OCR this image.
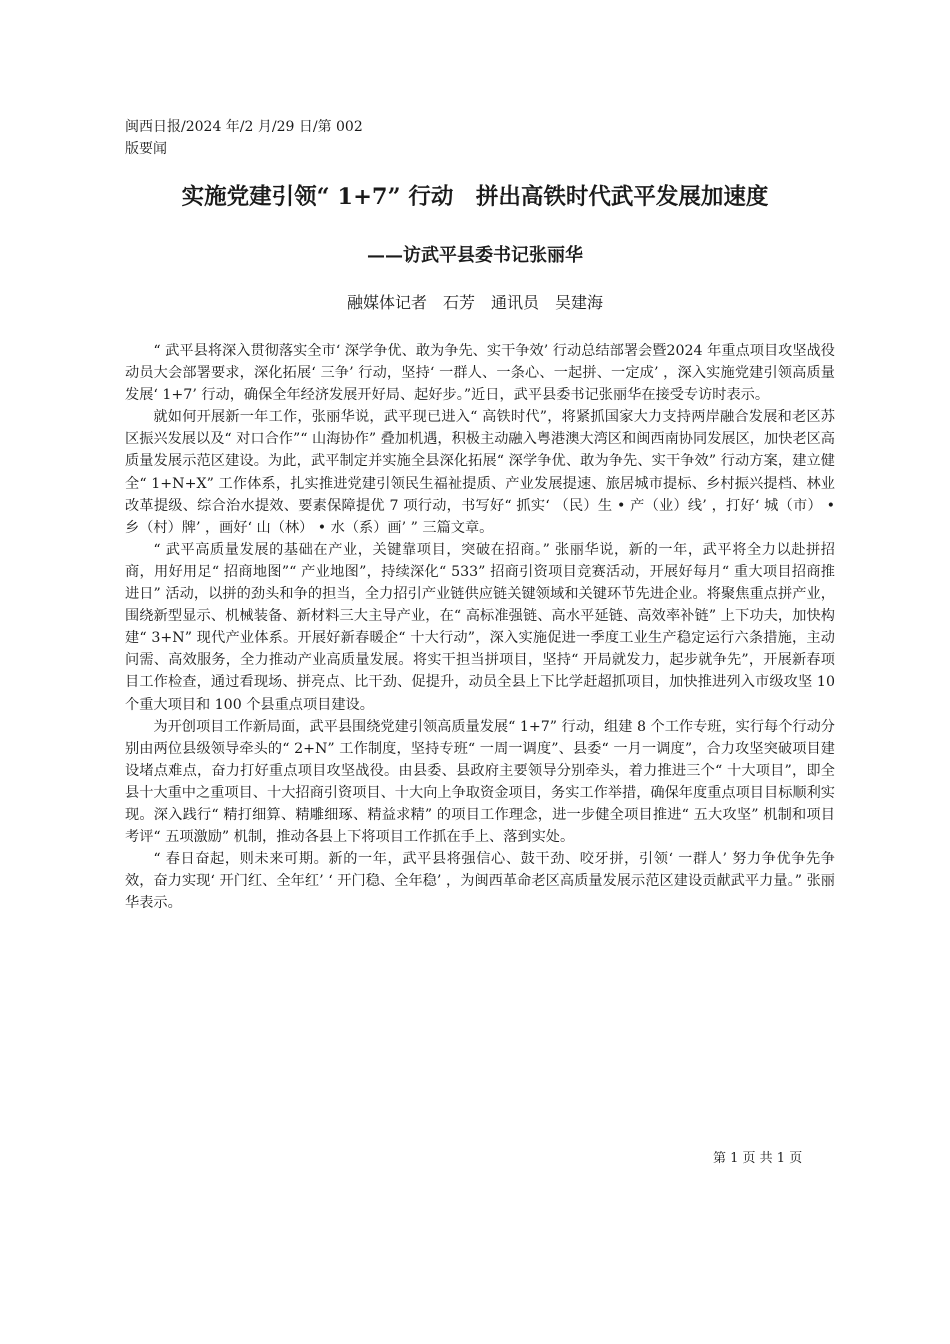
闽西日报/2024 年/2 月/29 日/第 002
版要闻
实施党建引领“ 1+7” 行动　拼出高铁时代武平发展加速度
——访武平县委书记张丽华
融媒体记者 石芳 通讯员 吴建海

“ 武平县将深入贯彻落实全市‘ 深学争优、敢为争先、实干争效’ 行动总结部署会暨2024 年重点项目攻坚战役动员大会部署要求，深化拓展‘ 三争’ 行动，坚持‘ 一群人、一条心、一起拼、一定成’ ，深入实施党建引领高质量发展‘ 1+7’ 行动，确保全年经济发展开好局、起好步。”近日，武平县委书记张丽华在接受专访时表示。

就如何开展新一年工作，张丽华说，武平现已进入“ 高铁时代”，将紧抓国家大力支持两岸融合发展和老区苏区振兴发展以及“ 对口合作”“ 山海协作” 叠加机遇，积极主动融入粤港澳大湾区和闽西南协同发展区，加快老区高质量发展示范区建设。为此，武平制定并实施全县深化拓展“ 深学争优、敢为争先、实干争效” 行动方案，建立健全“ 1+N+X” 工作体系，扎实推进党建引领民生福祉提质、产业发展提速、旅居城市提标、乡村振兴提档、林业改革提级、综合治水提效、要素保障提优 7 项行动，书写好“ 抓实‘ （民）生 • 产（业）线’ ，打好‘ 城（市） • 乡（村）牌’ ，画好‘ 山（林） • 水（系）画’ ” 三篇文章。

“ 武平高质量发展的基础在产业，关键靠项目，突破在招商。” 张丽华说，新的一年，武平将全力以赴拼招商，用好用足“ 招商地图”“ 产业地图”，持续深化“ 533” 招商引资项目竞赛活动，开展好每月“ 重大项目招商推进日” 活动，以拼的劲头和争的担当，全力招引产业链供应链关键领域和关键环节先进企业。将聚焦重点拼产业，围绕新型显示、机械装备、新材料三大主导产业，在“ 高标准强链、高水平延链、高效率补链” 上下功夫，加快构建“ 3+N” 现代产业体系。开展好新春暖企“ 十大行动”，深入实施促进一季度工业生产稳定运行六条措施，主动问需、高效服务，全力推动产业高质量发展。将实干担当拼项目，坚持“ 开局就发力，起步就争先”，开展新春项目工作检查，通过看现场、拼亮点、比干劲、促提升，动员全县上下比学赶超抓项目，加快推进列入市级攻坚 10 个重大项目和 100 个县重点项目建设。

为开创项目工作新局面，武平县围绕党建引领高质量发展“ 1+7” 行动，组建 8 个工作专班，实行每个行动分别由两位县级领导牵头的“ 2+N” 工作制度，坚持专班“ 一周一调度”、县委“ 一月一调度”，合力攻坚突破项目建设堵点难点，奋力打好重点项目攻坚战役。由县委、县政府主要领导分别牵头，着力推进三个“ 十大项目”，即全县十大重中之重项目、十大招商引资项目、十大向上争取资金项目，务实工作举措，确保年度重点项目目标顺利实现。深入践行“ 精打细算、精雕细琢、精益求精” 的项目工作理念，进一步健全项目推进“ 五大攻坚” 机制和项目考评“ 五项激励” 机制，推动各县上下将项目工作抓在手上、落到实处。

“ 春日奋起，则未来可期。新的一年，武平县将强信心、鼓干劲、咬牙拼，引领‘ 一群人’ 努力争优争先争效，奋力实现‘ 开门红、全年红’ ‘ 开门稳、全年稳’ ，为闽西革命老区高质量发展示范区建设贡献武平力量。” 张丽华表示。

第 1 页 共 1 页
